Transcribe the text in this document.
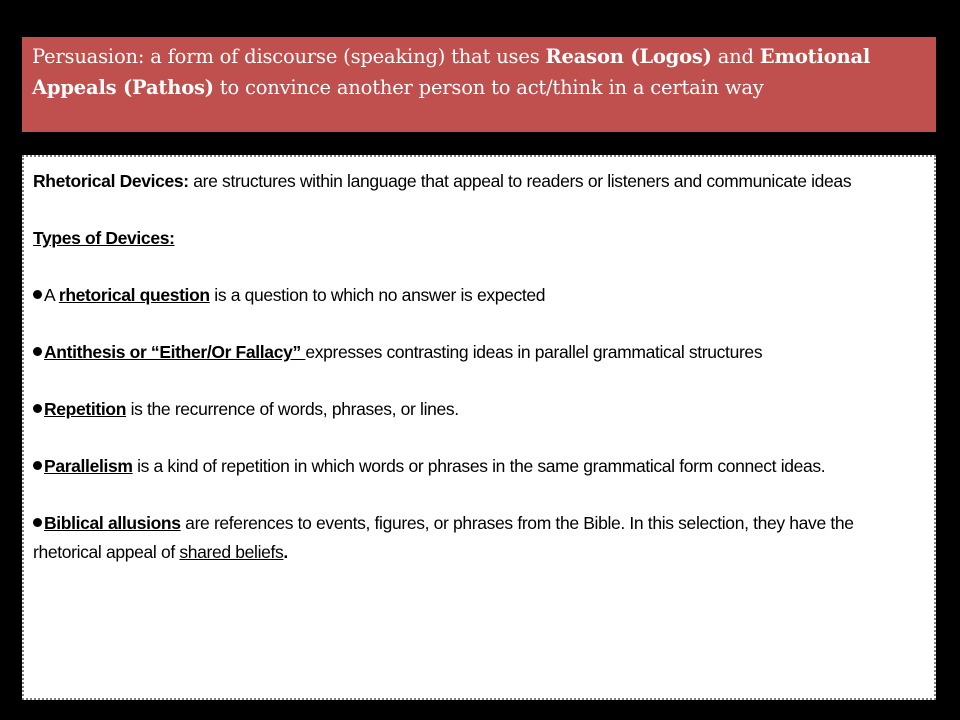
Persuasion: a form of discourse (speaking) that uses Reason (Logos) and Emotional Appeals (Pathos) to convince another person to act/think in a certain way

Rhetorical Devices: are structures within language that appeal to readers or listeners and communicate ideas

Types of Devices:

A rhetorical question is a question to which no answer is expected

Antithesis or “Either/Or Fallacy” expresses contrasting ideas in parallel grammatical structures

Repetition is the recurrence of words, phrases, or lines.

Parallelism is a kind of repetition in which words or phrases in the same grammatical form connect ideas.

Biblical allusions are references to events, figures, or phrases from the Bible. In this selection, they have the rhetorical appeal of shared beliefs.
